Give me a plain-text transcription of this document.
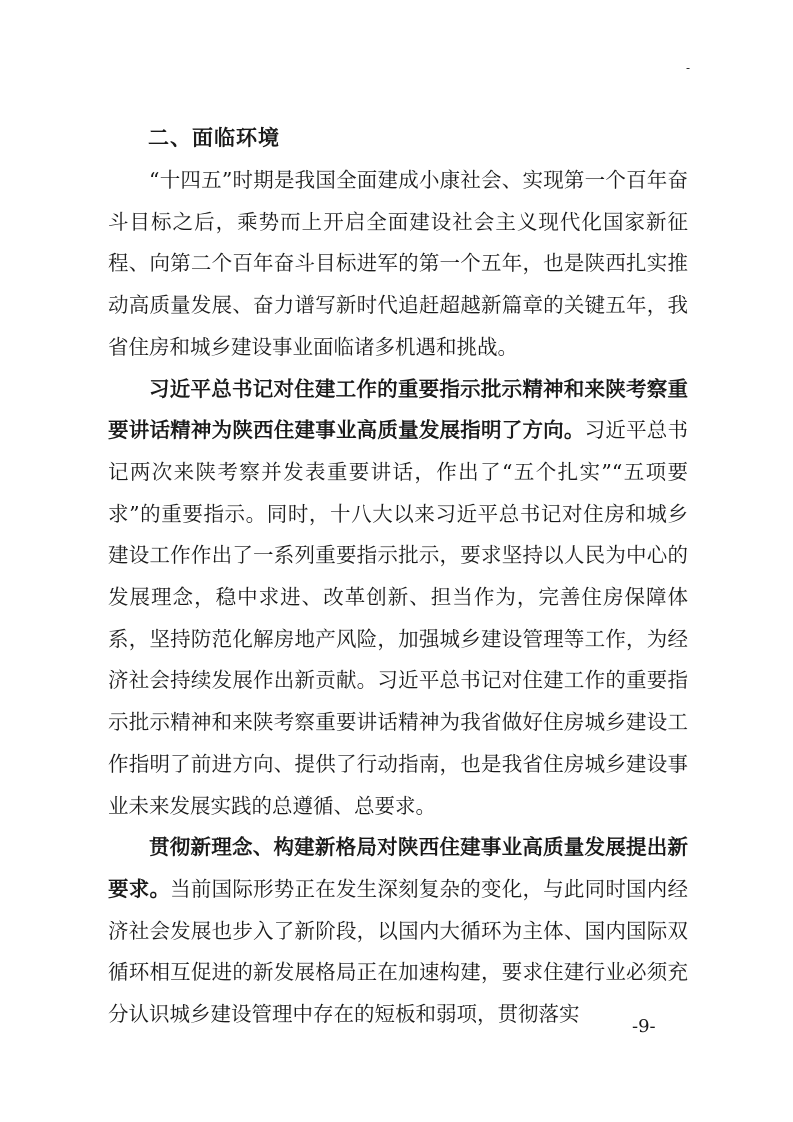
-
二、面临环境

“十四五”时期是我国全面建成小康社会、实现第一个百年奋斗目标之后，乘势而上开启全面建设社会主义现代化国家新征程、向第二个百年奋斗目标进军的第一个五年，也是陕西扎实推动高质量发展、奋力谱写新时代追赶超越新篇章的关键五年，我省住房和城乡建设事业面临诸多机遇和挑战。

习近平总书记对住建工作的重要指示批示精神和来陕考察重要讲话精神为陕西住建事业高质量发展指明了方向。习近平总书记两次来陕考察并发表重要讲话，作出了“五个扎实”“五项要求”的重要指示。同时，十八大以来习近平总书记对住房和城乡建设工作作出了一系列重要指示批示，要求坚持以人民为中心的发展理念，稳中求进、改革创新、担当作为，完善住房保障体系，坚持防范化解房地产风险，加强城乡建设管理等工作，为经济社会持续发展作出新贡献。习近平总书记对住建工作的重要指示批示精神和来陕考察重要讲话精神为我省做好住房城乡建设工作指明了前进方向、提供了行动指南，也是我省住房城乡建设事业未来发展实践的总遵循、总要求。

贯彻新理念、构建新格局对陕西住建事业高质量发展提出新要求。当前国际形势正在发生深刻复杂的变化，与此同时国内经济社会发展也步入了新阶段，以国内大循环为主体、国内国际双循环相互促进的新发展格局正在加速构建，要求住建行业必须充分认识城乡建设管理中存在的短板和弱项，贯彻落实

-9-
